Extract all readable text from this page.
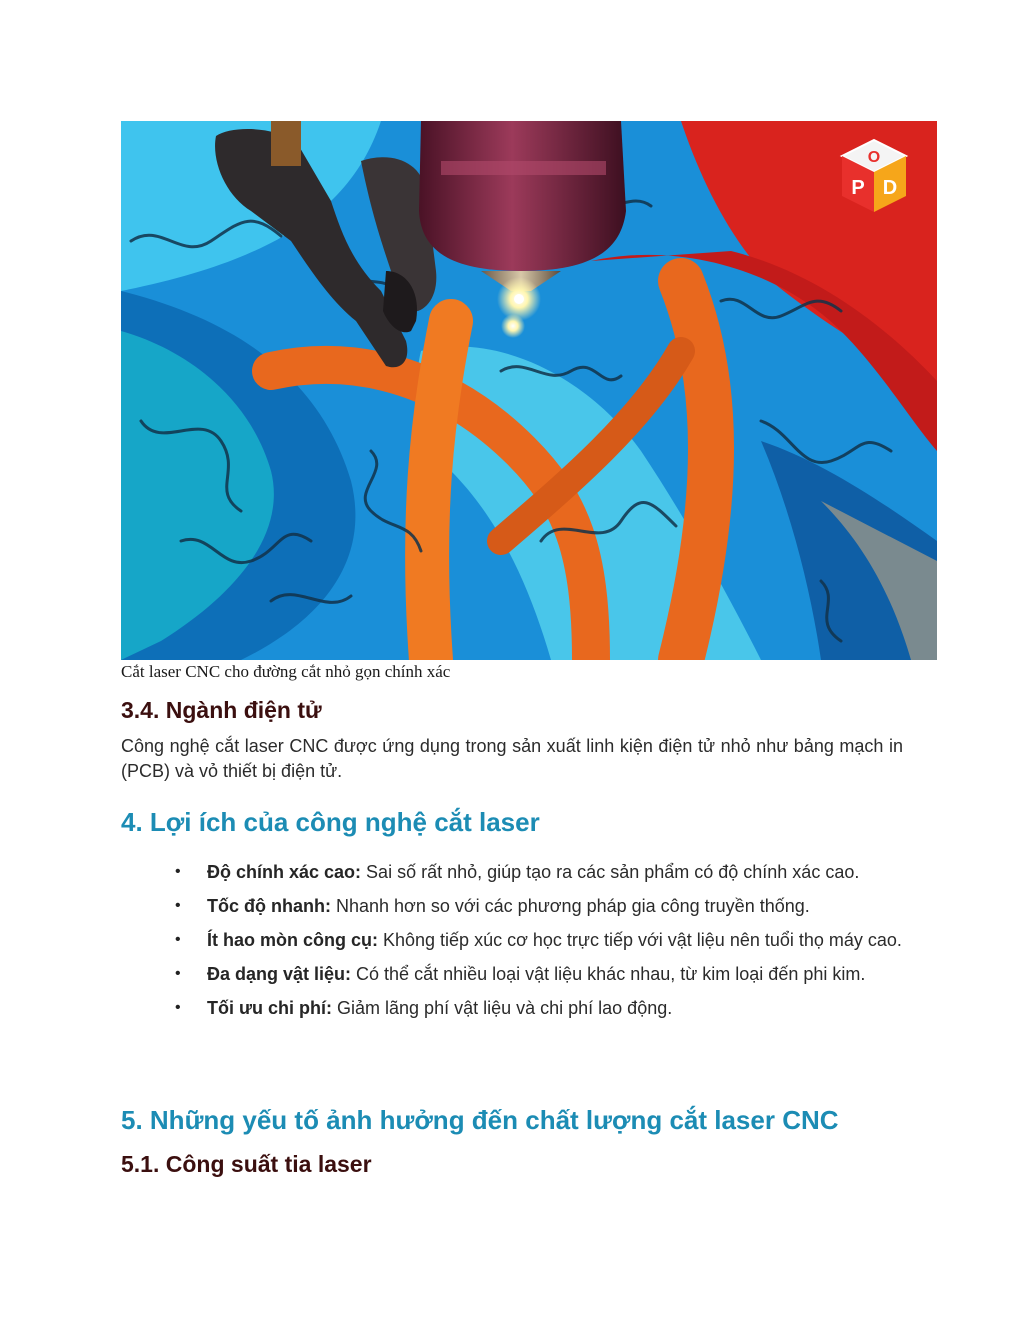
O
P D
Cắt laser CNC cho đường cắt nhỏ gọn chính xác
3.4. Ngành điện tử

Công nghệ cắt laser CNC được ứng dụng trong sản xuất linh kiện điện tử nhỏ như bảng mạch in (PCB) và vỏ thiết bị điện tử.

4. Lợi ích của công nghệ cắt laser
• Độ chính xác cao: Sai số rất nhỏ, giúp tạo ra các sản phẩm có độ chính xác cao.
• Tốc độ nhanh: Nhanh hơn so với các phương pháp gia công truyền thống.
• Ít hao mòn công cụ: Không tiếp xúc cơ học trực tiếp với vật liệu nên tuổi thọ máy cao.
• Đa dạng vật liệu: Có thể cắt nhiều loại vật liệu khác nhau, từ kim loại đến phi kim.
• Tối ưu chi phí: Giảm lãng phí vật liệu và chi phí lao động.
5. Những yếu tố ảnh hưởng đến chất lượng cắt laser CNC
5.1. Công suất tia laser
